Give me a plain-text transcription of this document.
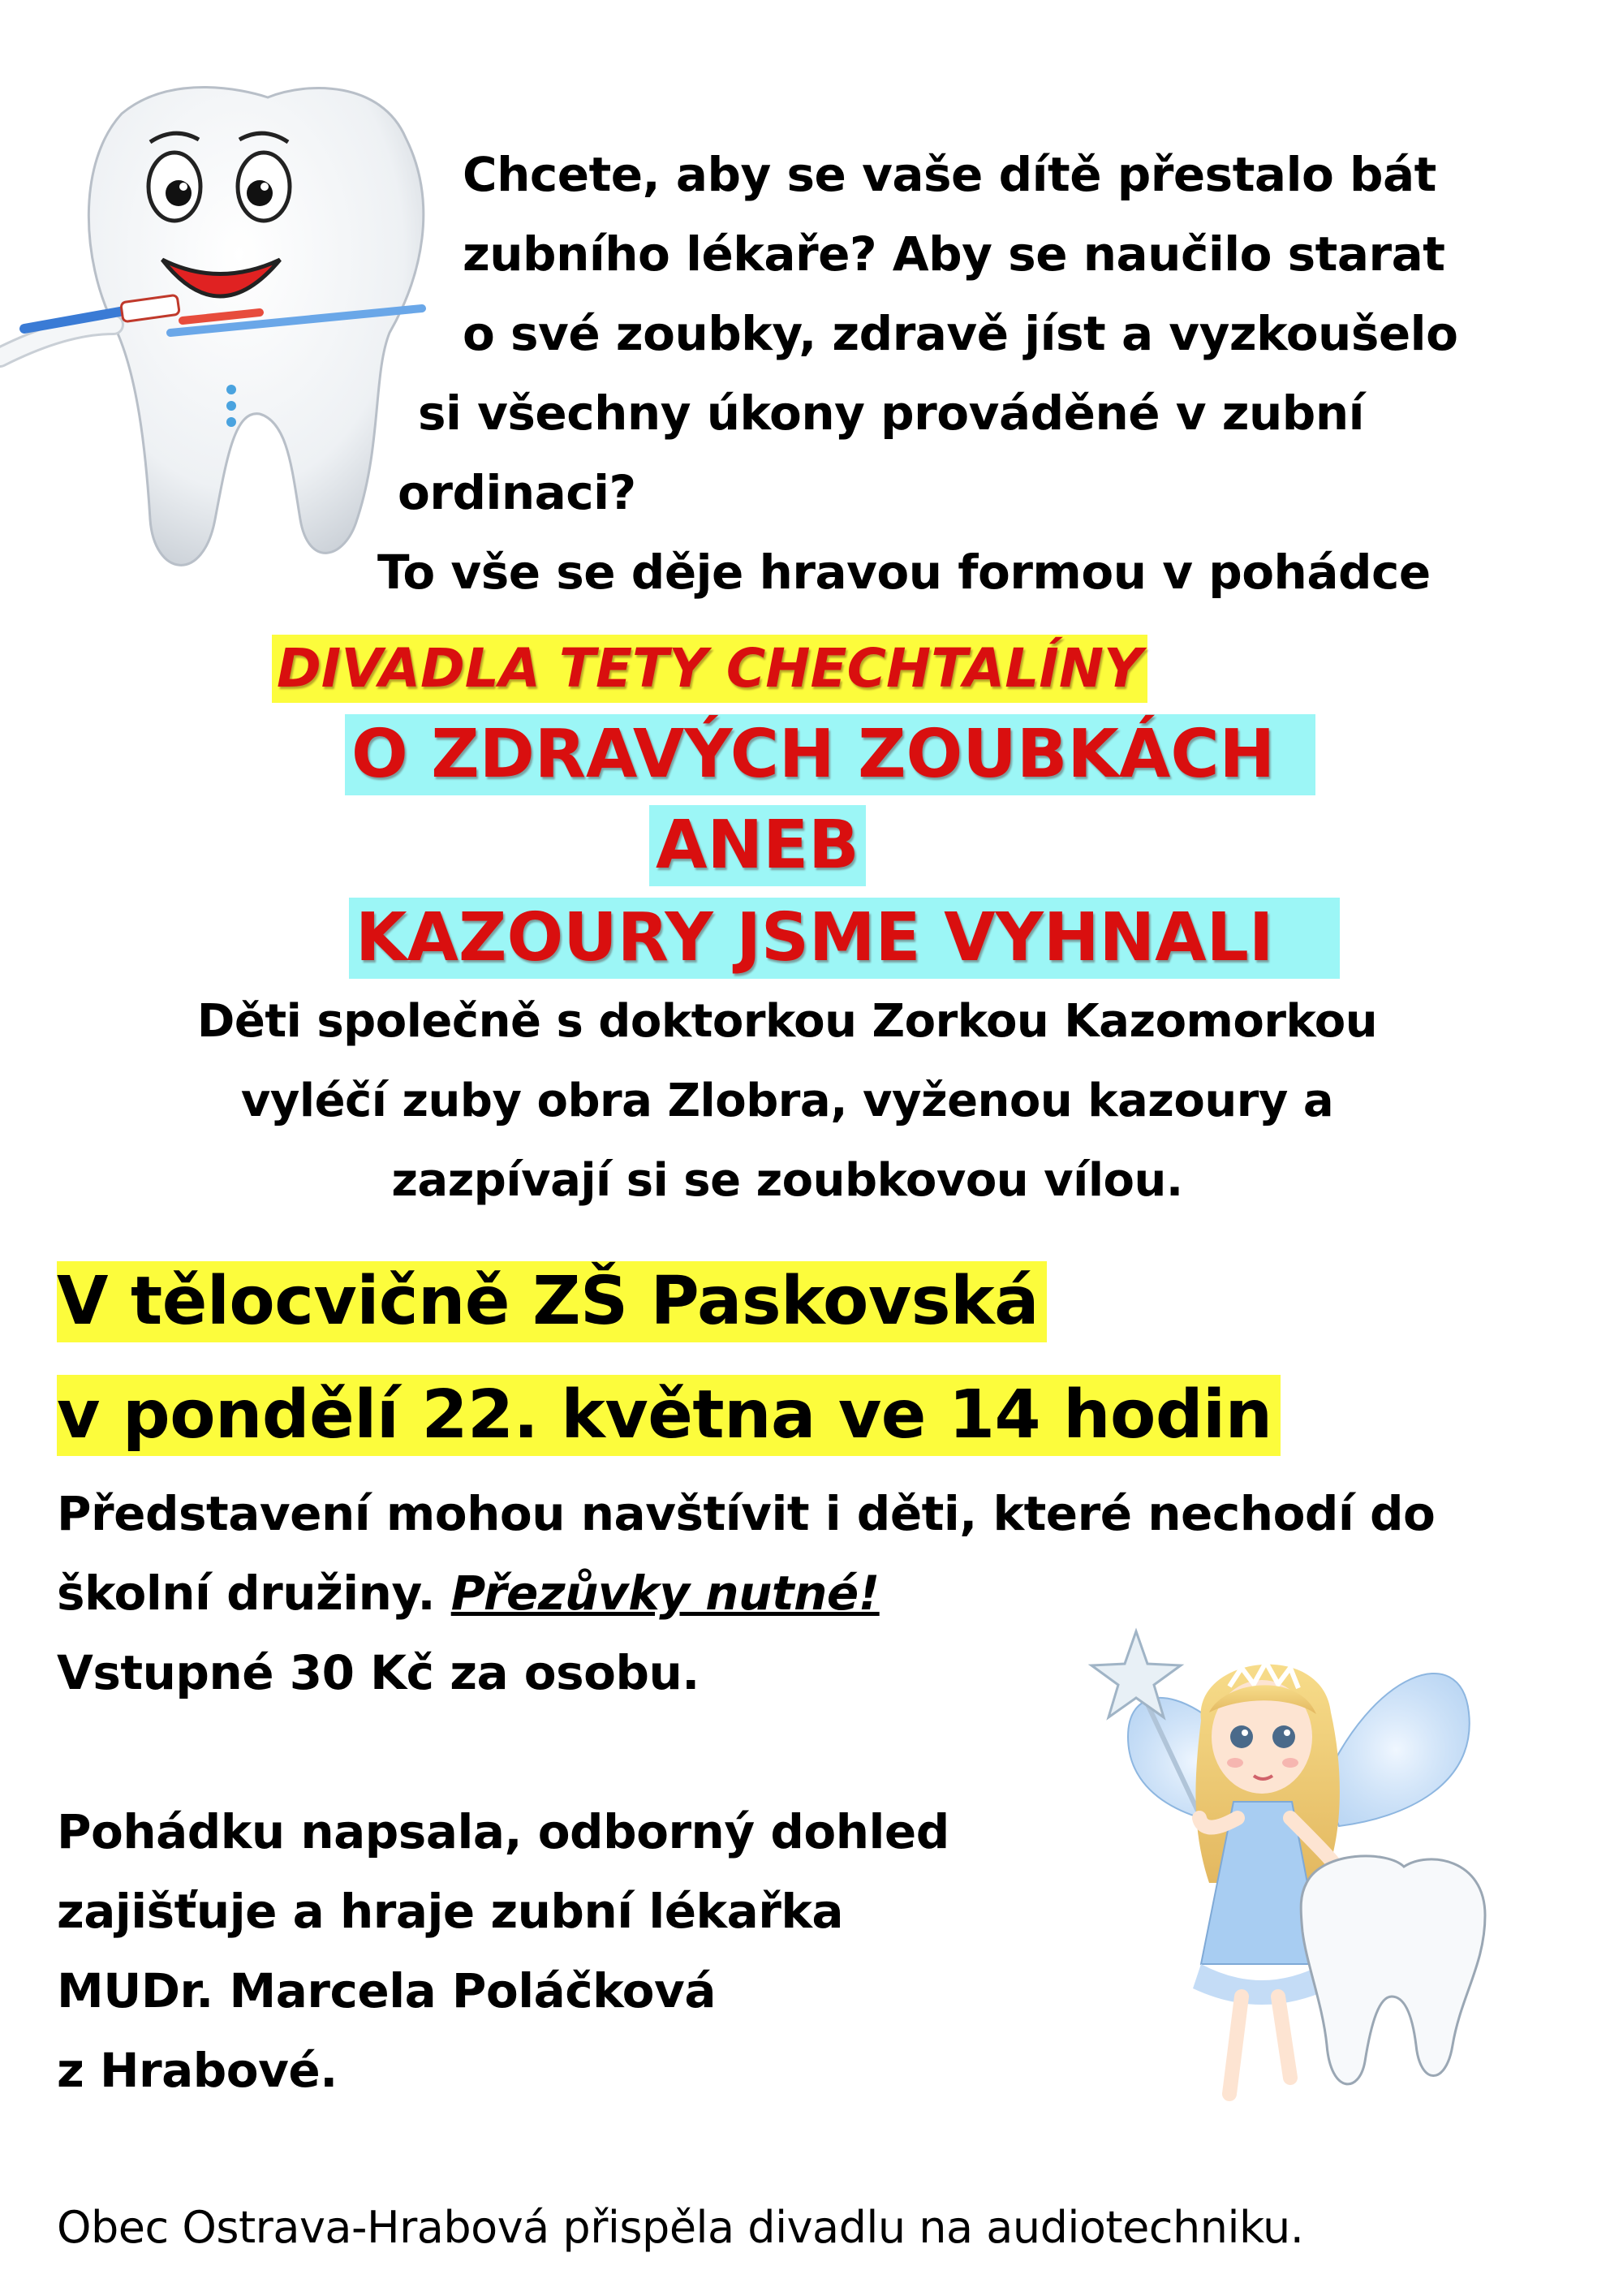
Chcete, aby se vaše dítě přestalo bát
zubního lékaře? Aby se naučilo starat
o své zoubky, zdravě jíst a vyzkoušelo
si všechny úkony prováděné v zubní
ordinaci?
To vše se děje hravou formou v pohádce
DIVADLA TETY CHECHTALÍNY
O ZDRAVÝCH ZOUBKÁCH
ANEB
KAZOURY JSME VYHNALI
Děti společně s doktorkou Zorkou Kazomorkou
vyléčí zuby obra Zlobra, vyženou kazoury a
zazpívají si se zoubkovou vílou.
V tělocvičně ZŠ Paskovská
v pondělí 22. května ve 14 hodin
Představení mohou navštívit i děti, které nechodí do
školní družiny. Přezůvky nutné!
Vstupné 30 Kč za osobu.
Pohádku napsala, odborný dohled
zajišťuje a hraje zubní lékařka
MUDr. Marcela Poláčková
z Hrabové.
Obec Ostrava-Hrabová přispěla divadlu na audiotechniku.
